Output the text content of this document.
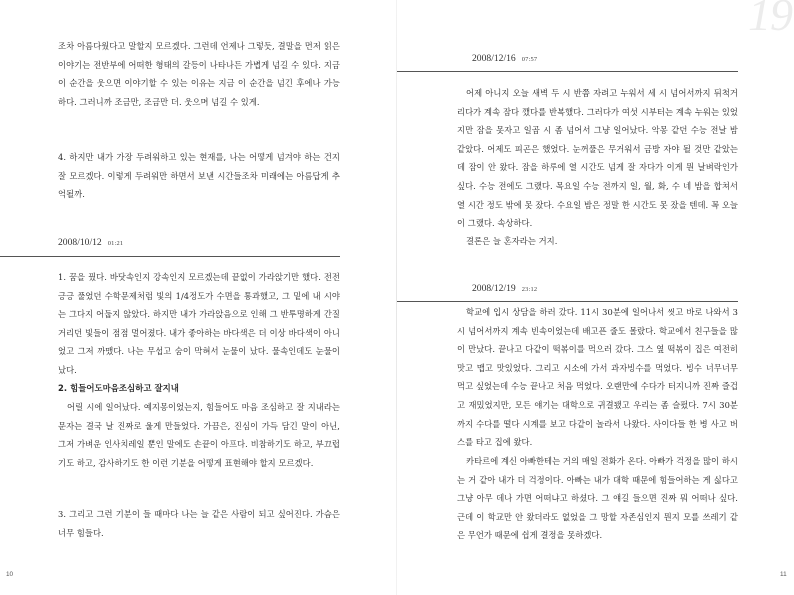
조차 아름다웠다고 말할지 모르겠다. 그런데 언제나 그렇듯, 결말을 먼저 읽은 이야기는 전반부에 어떠한 형태의 갈등이 나타나든 가볍게 넘길 수 있다. 지금 이 순간을 웃으면 이야기할 수 있는 이유는 지금 이 순간을 넘긴 후에나 가능하다. 그러니까 조금만, 조금만 더. 웃으며 넘길 수 있게.

4. 하지만 내가 가장 두려워하고 있는 현재를, 나는 어떻게 넘겨야 하는 건지 잘 모르겠다. 이렇게 두려워만 하면서 보낸 시간들조차 미래에는 아름답게 추억될까.

2008/10/12 01:21

1. 꿈을 꿨다. 바닷속인지 강속인지 모르겠는데 끝없이 가라앉기만 했다. 전전긍긍 풀었던 수학문제처럼 빛의 1/4정도가 수면을 통과했고, 그 밑에 내 시야는 그다지 어둡지 않았다. 하지만 내가 가라앉음으로 인해 그 반투명하게 간질거리던 빛들이 점점 멀어졌다. 내가 좋아하는 바다색은 더 이상 바다색이 아니었고 그저 까맸다. 나는 무섭고 숨이 막혀서 눈물이 났다. 물속인데도 눈물이 났다.

2. 힘들어도마음조심하고 잘지내

어릴 시에 일어났다. 예지몽이었는지, 힘들어도 마음 조심하고 잘 지내라는 문자는 결국 날 진짜로 울게 만들었다. 가끔은, 진심이 가득 담긴 말이 아닌, 그저 가벼운 인사치레일 뿐인 말에도 손끝이 아프다. 비참하기도 하고, 부끄럽기도 하고, 감사하기도 한 이런 기분을 어떻게 표현해야 할지 모르겠다.

3. 그리고 그런 기분이 들 때마다 나는 늘 같은 사람이 되고 싶어진다. 가슴은 너무 힘들다.

10
19
2008/12/16 07:57

어제 아니지 오늘 새벽 두 시 반쯤 자려고 누워서 세 시 넘어서까지 뒤척거리다가 계속 잠다 깼다를 반복했다. 그러다가 여섯 시부터는 계속 누워는 있었지만 잠을 못자고 일곱 시 좀 넘어서 그냥 일어났다. 악몽 같던 수능 전날 밤 같았다. 어제도 피곤은 했었다. 눈꺼풀은 무거워서 금방 자야 될 것만 같았는데 잠이 안 왔다. 잠을 하루에 열 시간도 넘게 잘 자다가 이게 뭔 날벼락인가 싶다. 수능 전에도 그랬다. 목요일 수능 전까지 일, 월, 화, 수 네 밤을 합쳐서 열 시간 정도 밖에 못 잤다. 수요일 밤은 정말 한 시간도 못 잤을 텐데. 꼭 오늘이 그랬다. 속상하다.

결론은 늘 혼자라는 거지.

2008/12/19 23:12

학교에 입시 상담을 하러 갔다. 11시 30분에 일어나서 씻고 바로 나와서 3시 넘어서까지 계속 빈속이었는데 배고픈 줄도 몰랐다. 학교에서 친구들을 많이 만났다. 끝나고 다같이 떡볶이를 먹으러 갔다. 그스 옆 떡볶이 집은 여전히 맛고 맵고 맛있었다. 그리고 시소에 가서 과자빙수를 먹었다. 빙수 너무너무 먹고 싶었는데 수능 끝나고 처음 먹었다. 오랜만에 수다가 터지니까 진짜 즐겁고 재밌었지만, 모든 얘기는 대학으로 귀결됐고 우리는 좀 슬펐다. 7시 30분까지 수다를 떨다 시계를 보고 다같이 놀라서 나왔다. 사이다들 한 병 사고 버스를 타고 집에 왔다.

카타르에 계신 아빠한테는 거의 매일 전화가 온다. 아빠가 걱정을 많이 하시는 거 같아 내가 더 걱정이다. 아빠는 내가 대학 때문에 힘들어하는 게 싫다고 그냥 아무 데나 가면 어떠냐고 하셨다. 그 얘길 들으면 진짜 뭐 어떠나 싶다. 근데 이 학교만 안 왔더라도 없었을 그 망할 자존심인지 뭔지 모를 쓰레기 같은 무언가 때문에 쉽게 결정을 못하겠다.

11
